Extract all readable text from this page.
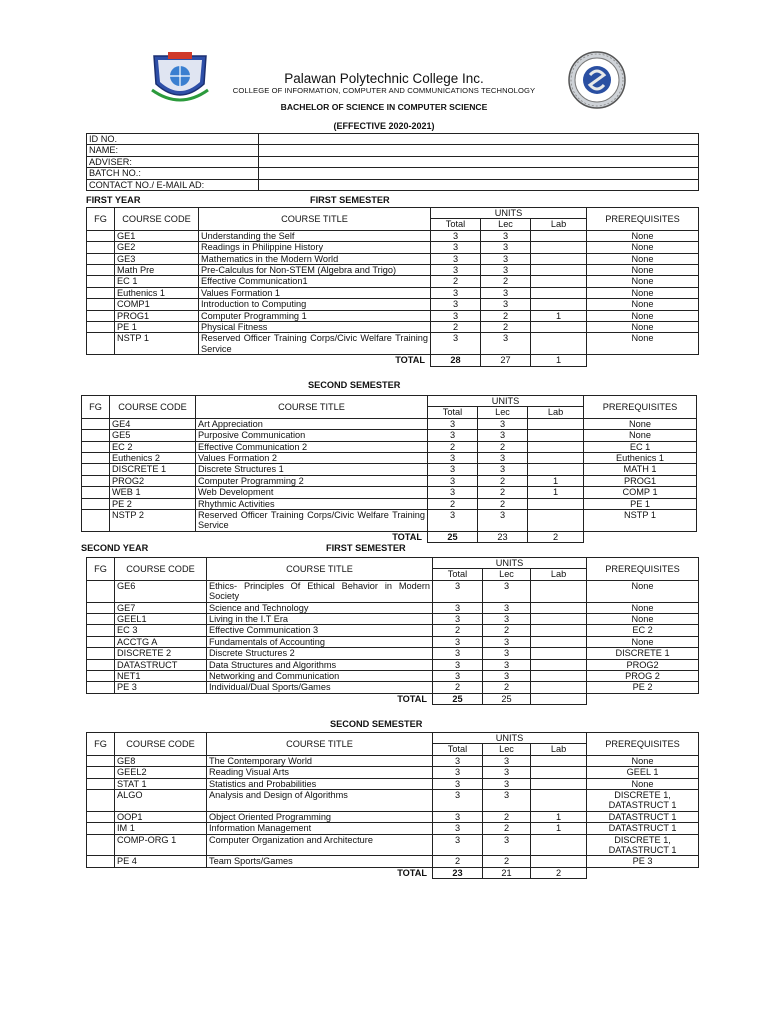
Palawan Polytechnic College Inc.
COLLEGE OF INFORMATION, COMPUTER AND COMMUNICATIONS TECHNOLOGY
BACHELOR OF SCIENCE IN COMPUTER SCIENCE
(EFFECTIVE 2020-2021)
ID NO.	
NAME:	
ADVISER:	
BATCH NO.:	
CONTACT NO./ E-MAIL AD:	
FIRST YEAR	FIRST SEMESTER
FG	COURSE CODE	COURSE TITLE	UNITS			PREREQUISITES
			Total	Lec	Lab	
	GE1	Understanding the Self	3	3		None
	GE2	Readings in Philippine History	3	3		None
	GE3	Mathematics in the Modern World	3	3		None
	Math Pre	Pre-Calculus for Non-STEM (Algebra and Trigo)	3	3		None
	EC 1	Effective Communication1	2	2		None
	Euthenics 1	Values Formation 1	3	3		None
	COMP1	Introduction to Computing	3	3		None
	PROG1	Computer Programming 1	3	2	1	None
	PE 1	Physical Fitness	2	2		None
	NSTP 1	Reserved Officer Training Corps/Civic Welfare Training Service	3	3		None
TOTAL			28	27	1	
SECOND SEMESTER
FG	COURSE CODE	COURSE TITLE	UNITS			PREREQUISITES
			Total	Lec	Lab	
	GE4	Art Appreciation	3	3		None
	GE5	Purposive Communication	3	3		None
	EC 2	Effective Communication 2	2	2		EC 1
	Euthenics 2	Values Formation 2	3	3		Euthenics 1
	DISCRETE 1	Discrete Structures 1	3	3		MATH 1
	PROG2	Computer Programming 2	3	2	1	PROG1
	WEB 1	Web Development	3	2	1	COMP 1
	PE 2	Rhythmic Activities	2	2		PE 1
	NSTP 2	Reserved Officer Training Corps/Civic Welfare Training Service	3	3		NSTP 1
TOTAL			25	23	2	
SECOND YEAR	FIRST SEMESTER
FG	COURSE CODE	COURSE TITLE	UNITS			PREREQUISITES
			Total	Lec	Lab	
	GE6	Ethics- Principles Of Ethical Behavior in Modern Society	3	3		None
	GE7	Science and Technology	3	3		None
	GEEL1	Living in the I.T Era	3	3		None
	EC 3	Effective Communication 3	2	2		EC 2
	ACCTG A	Fundamentals of Accounting	3	3		None
	DISCRETE 2	Discrete Structures 2	3	3		DISCRETE 1
	DATASTRUCT	Data Structures and Algorithms	3	3		PROG2
	NET1	Networking and Communication	3	3		PROG 2
	PE 3	Individual/Dual Sports/Games	2	2		PE 2
TOTAL			25	25		
SECOND SEMESTER
FG	COURSE CODE	COURSE TITLE	UNITS			PREREQUISITES
			Total	Lec	Lab	
	GE8	The Contemporary World	3	3		None
	GEEL2	Reading Visual Arts	3	3		GEEL 1
	STAT 1	Statistics and Probabilities	3	3		None
	ALGO	Analysis and Design of Algorithms	3	3		DISCRETE 1, DATASTRUCT 1
	OOP1	Object Oriented Programming	3	2	1	DATASTRUCT 1
	IM 1	Information Management	3	2	1	DATASTRUCT 1
	COMP-ORG 1	Computer Organization and Architecture	3	3		DISCRETE 1, DATASTRUCT 1
	PE 4	Team Sports/Games	2	2		PE 3
TOTAL			23	21	2	
